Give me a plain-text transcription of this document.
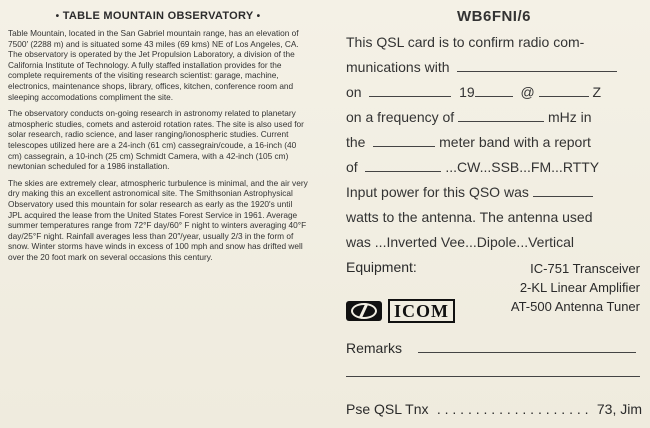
• TABLE MOUNTAIN OBSERVATORY •

Table Mountain, located in the San Gabriel mountain range, has an elevation of 7500′ (2288 m) and is situated some 43 miles (69 kms) NE of Los Angeles, CA. The observatory is operated by the Jet Propulsion Laboratory, a division of the California Institute of Technology. A fully staffed installation provides for the complete requirements of the visiting research scientist: garage, machine, electronics, maintenance shops, library, offices, kitchen, conference room and sleeping accomodations compliment the site.

The observatory conducts on-going research in astronomy related to planetary atmospheric studies, comets and asteroid rotation rates. The site is also used for solar research, radio science, and laser ranging/ionospheric studies. Current telescopes utilized here are a 24-inch (61 cm) cassegrain/coude, a 16-inch (40 cm) cassegrain, a 10-inch (25 cm) Schmidt Camera, with a 42-inch (105 cm) newtonian scheduled for a 1986 installation.

The skies are extremely clear, atmospheric turbulence is minimal, and the air very dry making this an excellent astronomical site. The Smithsonian Astrophysical Observatory used this mountain for solar research as early as the 1920's until JPL acquired the lease from the United States Forest Service in 1961. Average summer temperatures range from 72°F day/60° F night to winters averaging 40°F day/25°F night. Rainfall averages less than 20″/year, usually 2/3 in the form of snow. Winter storms have winds in excess of 100 mph and snow has drifted well over the 20 foot mark on several occasions this century.

WB6FNI/6
This QSL card is to confirm radio com-
munications with
on	19	@	Z
on a frequency of	mHz in
the	meter band with a report
of	...CW...SSB...FM...RTTY
Input power for this QSO was
watts to the antenna. The antenna used
was ...Inverted Vee...Dipole...Vertical
Equipment:	IC-751 Transceiver
2-KL Linear Amplifier
AT-500 Antenna Tuner
ICOM
Remarks
Pse QSL Tnx . . . . . . . . . . . . . . . . . . . . 73, Jim
